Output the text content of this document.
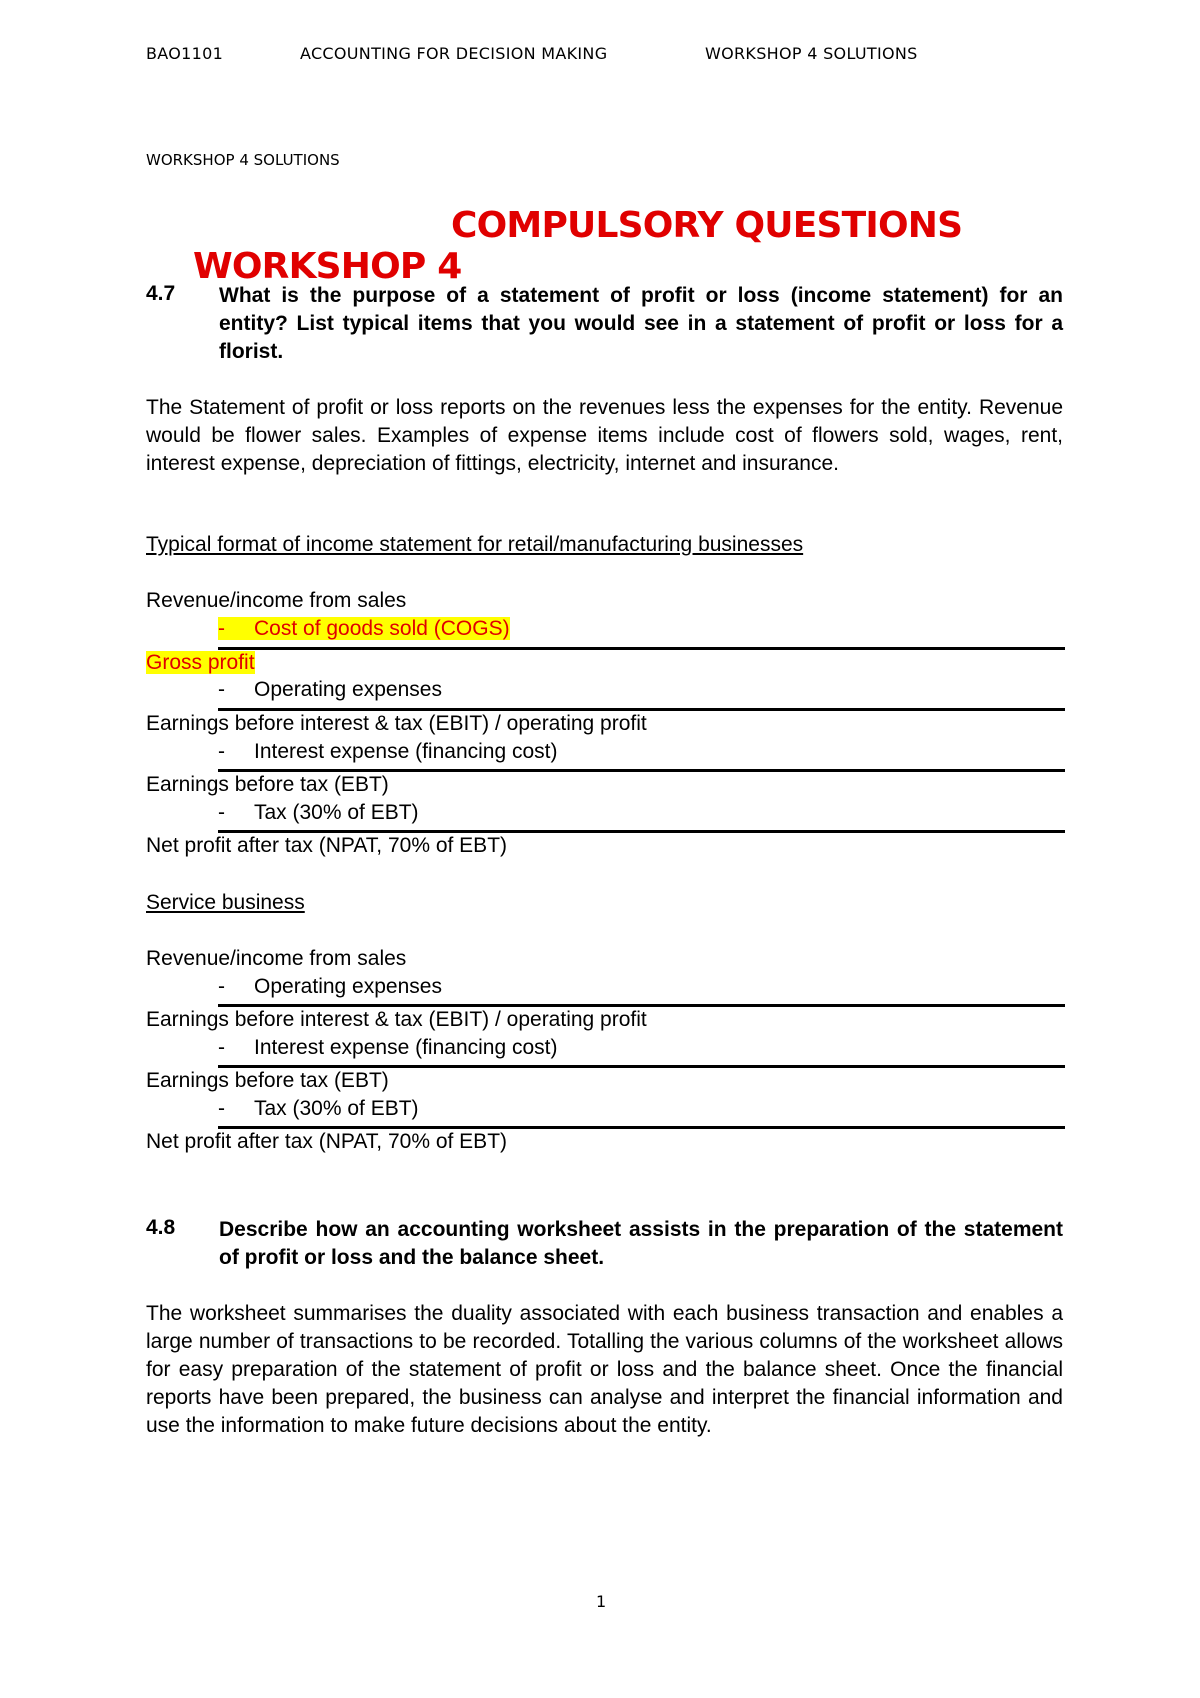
BAO1101	ACCOUNTING FOR DECISION MAKING	WORKSHOP 4 SOLUTIONS
WORKSHOP 4 SOLUTIONS

WORKSHOP 4

COMPULSORY QUESTIONS

4.7 What is the purpose of a statement of profit or loss (income statement) for an entity? List typical items that you would see in a statement of profit or loss for a florist.
The Statement of profit or loss reports on the revenues less the expenses for the entity. Revenue would be flower sales. Examples of expense items include cost of flowers sold, wages, rent, interest expense, depreciation of fittings, electricity, internet and insurance.
Typical format of income statement for retail/manufacturing businesses
Revenue/income from sales
- Cost of goods sold (COGS)
Gross profit
- Operating expenses
Earnings before interest & tax (EBIT) / operating profit
- Interest expense (financing cost)
Earnings before tax (EBT)
- Tax (30% of EBT)
Net profit after tax (NPAT, 70% of EBT)
Service business
Revenue/income from sales
- Operating expenses
Earnings before interest & tax (EBIT) / operating profit
- Interest expense (financing cost)
Earnings before tax (EBT)
- Tax (30% of EBT)
Net profit after tax (NPAT, 70% of EBT)
4.8 Describe how an accounting worksheet assists in the preparation of the statement of profit or loss and the balance sheet.
The worksheet summarises the duality associated with each business transaction and enables a large number of transactions to be recorded. Totalling the various columns of the worksheet allows for easy preparation of the statement of profit or loss and the balance sheet. Once the financial reports have been prepared, the business can analyse and interpret the financial information and use the information to make future decisions about the entity.
1
